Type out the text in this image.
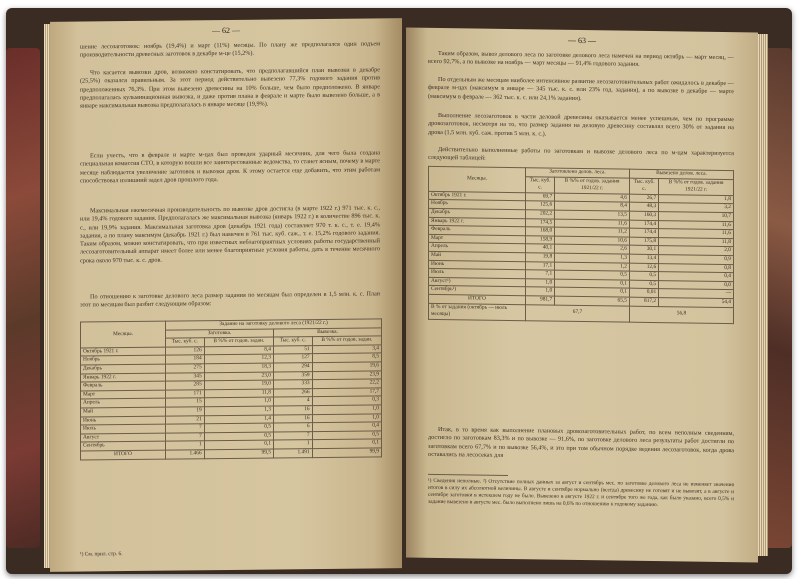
— 62 —
шение лесозаготовок: ноябрь (19,4%) и март (11%) месяцы. По плану же предполагался один подъем производительности древесных заготовок в декабре м-це (15,2%).
Что касается вывозки дров, возможно констатировать, что предполагавшийся план вывозки в декабре (25,5%) оказался правильным. За этот период действительно вывезено 77,3% годового задания против предположенных 76,3%. При этом вывезено древесины на 10% больше, чем было предположено. В январе предполагалась кульминационная вывозка, и даже против плана в феврале и марте было вывезено больше, а в январе максимальная вывозка предполагалась в январе месяце (19,9%).
Если учесть, что в феврале и марте м-цах был проведен ударный месячник, для чего была создана специальная комиссия СТО, в которую вошли все заинтересованные ведомства, то станет ясным, почему в марте месяце наблюдается увеличение заготовок и вывозки дров. К этому остается еще добавить, что этим работам способствовал излишний задел дров прошлого года.
Максимальная ежемесячная производительность по вывозке дров достигла (в марте 1922 г.) 971 тыс. к. с., или 19,4% годового задания. Предполагалась же максимальная вывозка (январь 1922 г.) в количестве 896 тыс. к. с., или 19,9% задания. Максимальная заготовка дров (декабрь 1921 года) составляет 970 т. к. с., т. е. 19,4% задания, а по плану максимум (декабрь 1921 г.) был намечен в 761 тыс. куб. саж., т. е. 15,2% годового задания. Таким образом, можно констатировать, что при известных неблагоприятных условиях работы государственный лесозаготовительный аппарат имеет более или менее благоприятные условия работы, дать в течение месячного срока около 970 тыс. к. с. дров.
По отношению к заготовке делового леса размер задания по месяцам был определен в 1,5 млн. к. с. План этот по месяцам был разбит следующим образом:
Месяцы.	Задание на заготовку делового леса (1921/22 г.)			
	Заготовка.		Вывозка.	
	Тыс. куб. с.	В %% от годов. задан.	Тыс. куб. с.	В %% от годов. задан.
Октябрь 1921 г.	126	8,4	51	3,4
Ноябрь	184	12,3	127	8,5
Декабрь	275	18,3	294	19,6
Январь 1922 г.	345	23,0	359	23,9
Февраль	285	19,0	333	22,2
Март	171	11,8	266	17,7
Апрель	15	1,0	4	0,3
Май	19	1,3	16	1,0
Июнь	21	1,4	16	1,0
Июль	7	0,5	6	0,4
Август	7	0,5	7	0,5
Сентябрь	1	0,1	1	0,1
ИТОГО	1.466	99,5	1.491	99,9
¹) См. прил. стр. 6.
— 63 —
Таким образом, вывоз делового леса по заготовке делового леса намечен на период октябрь — март месяц, — всего 92,7%, а по вывозке на ноябрь — март месяцы — 91,4% годового задания.
По отдельным же месяцам наиболее интенсивное развитие лесозаготовительных работ ожидалось в декабре — феврале м-цах (максимум в январе — 345 тыс. к. с. или 23% год. задания), а по вывозке в декабре — марте (максимум в феврале — 362 тыс. к. с. или 24,1% задания).
Выполнение лесозаготовок в части деловой древесины оказывается менее успешным, чем по программе дровозаготовок, несмотря на то, что размер задания на деловую древесину составлял всего 30% от задания на дрова (1,5 млн. куб. саж. против 5 млн. к. с.).
Действительно выполненные работы по заготовкам и вывозке делового леса по м-цам характеризуется следующей таблицей:
Месяцы.	Заготовлено делов. леса.		Вывезено делов. леса.	
	Тыс. куб. с.	В %% от годов. задания 1921/22 г.	Тыс. куб. с.	В %% от годов. задания 1921/22 г.
Октябрь 1921 г.	69,7	4,6	26,7	1,8
Ноябрь	125,6	8,4	48,3	3,2
Декабрь	202,2	13,5	160,3	10,7
Январь 1922 г.	174,5	11,6	174,4	11,6
Февраль	168,0	11,2	174,4	11,6
Март	158,9	10,6	175,8	11,8
Апрель	40,1	2,6	30,1	2,0
Май	19,8	1,3	13,4	0,9
Июнь	17,1	1,2	12,6	0,8
Июль	7,1	0,5	0,5	0,4
Август¹)	1,0	0,1	0,5	0,0
Сентябрь¹)	1,0	0,1	0,01	—
ИТОГО	981,7	65,5	817,2	54,4
В % от задания (октябрь — июль месяцы)	67,7		56,8	
Итак, в то время как выполнение плановых дровозаготовительных работ, по всем неполным сведениям, достигло по заготовкам 83,3% и по вывозке — 91,6%, по заготовке делового леса результаты работ достигли по заготовкам всего 67,7% и по вывозке 56,4%, и это при том обычном порядке ведения лесозаготовок, когда дрова оставались на лесосеках для
¹) Сведения неполные. ²) Отсутствие полных данных за август и сентябрь мес. по заготовке делового леса не изменяет значения итогов в силу их абсолютной величины. В августе и сентябре нормально (всегда) древесину не готовят и не вывозят, а в августе и сентябре заготовки в истекшем году не было. Вывезено в августе 1922 г. и сентябре того же года, как было указано, всего 0,5% и задание вывезено в августе мес. было выполнено лишь на 0,6% по отношению к годовому заданию.
